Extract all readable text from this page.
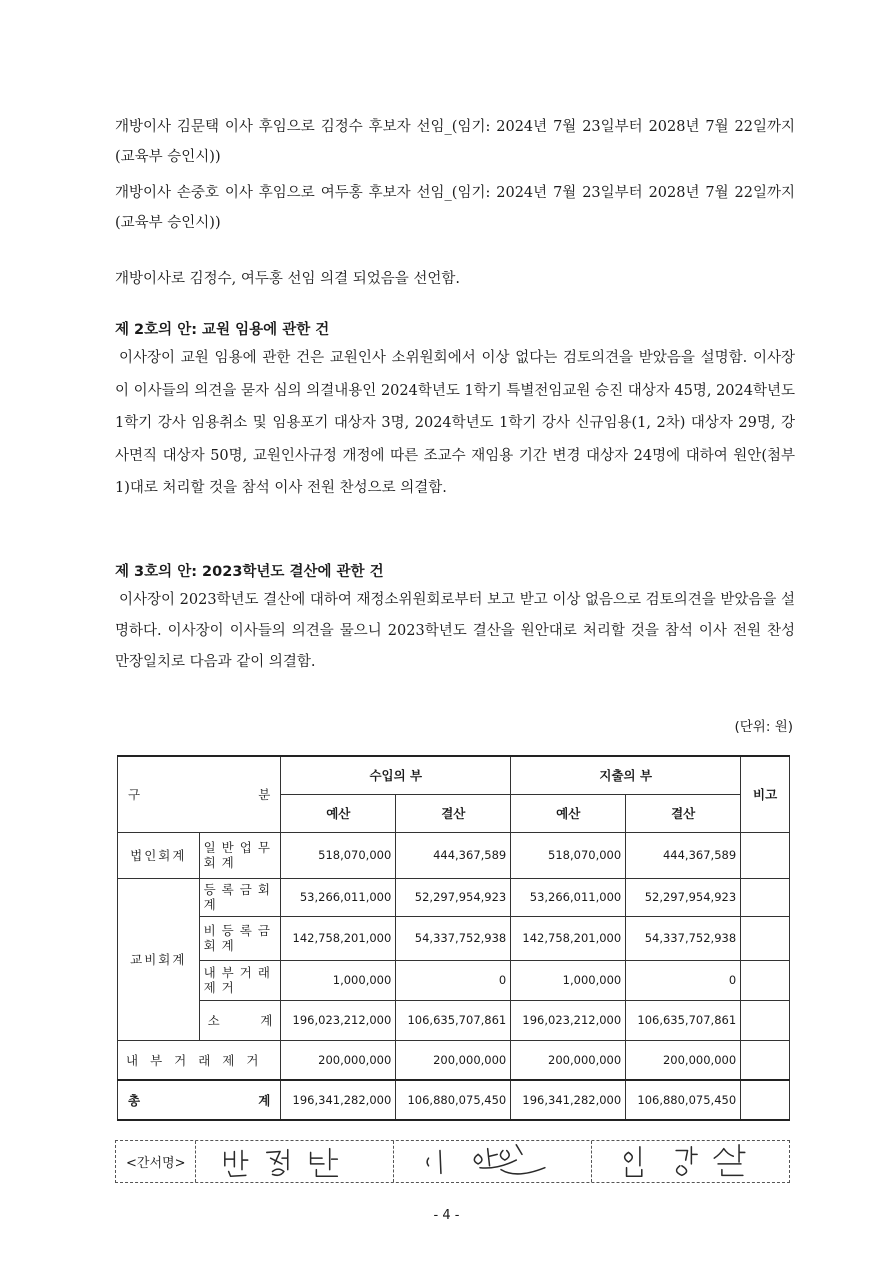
개방이사 김문택 이사 후임으로 김정수 후보자 선임_(임기: 2024년 7월 23일부터 2028년 7월 22일까지(교육부 승인시))
개방이사 손중호 이사 후임으로 여두홍 후보자 선임_(임기: 2024년 7월 23일부터 2028년 7월 22일까지(교육부 승인시))
개방이사로 김정수, 여두홍 선임 의결 되었음을 선언함.
제 2호의 안: 교원 임용에 관한 건
이사장이 교원 임용에 관한 건은 교원인사 소위원회에서 이상 없다는 검토의견을 받았음을 설명함. 이사장이 이사들의 의견을 묻자 심의 의결내용인 2024학년도 1학기 특별전임교원 승진 대상자 45명, 2024학년도 1학기 강사 임용취소 및 임용포기 대상자 3명, 2024학년도 1학기 강사 신규임용(1, 2차) 대상자 29명, 강사면직 대상자 50명, 교원인사규정 개정에 따른 조교수 재임용 기간 변경 대상자 24명에 대하여 원안(첨부1)대로 처리할 것을 참석 이사 전원 찬성으로 의결함.
제 3호의 안: 2023학년도 결산에 관한 건
이사장이 2023학년도 결산에 대하여 재정소위원회로부터 보고 받고 이상 없음으로 검토의견을 받았음을 설명하다. 이사장이 이사들의 의견을 물으니 2023학년도 결산을 원안대로 처리할 것을 참석 이사 전원 찬성 만장일치로 다음과 같이 의결함.
(단위: 원)
구 분		수입의 부		지출의 부		비고
		예산	결산	예산	결산	
법인회계	일반업무회계	518,070,000	444,367,589	518,070,000	444,367,589	
교비회계	등록금회계	53,266,011,000	52,297,954,923	53,266,011,000	52,297,954,923	
	비등록금회계	142,758,201,000	54,337,752,938	142,758,201,000	54,337,752,938	
	내부거래제거	1,000,000	0	1,000,000	0	

	소 계	196,023,212,000	106,635,707,861	196,023,212,000	106,635,707,861	
내부거래제거		200,000,000	200,000,000	200,000,000	200,000,000	

총 계		196,341,282,000	106,880,075,450	196,341,282,000	106,880,075,450	
<간서명>
- 4 -
